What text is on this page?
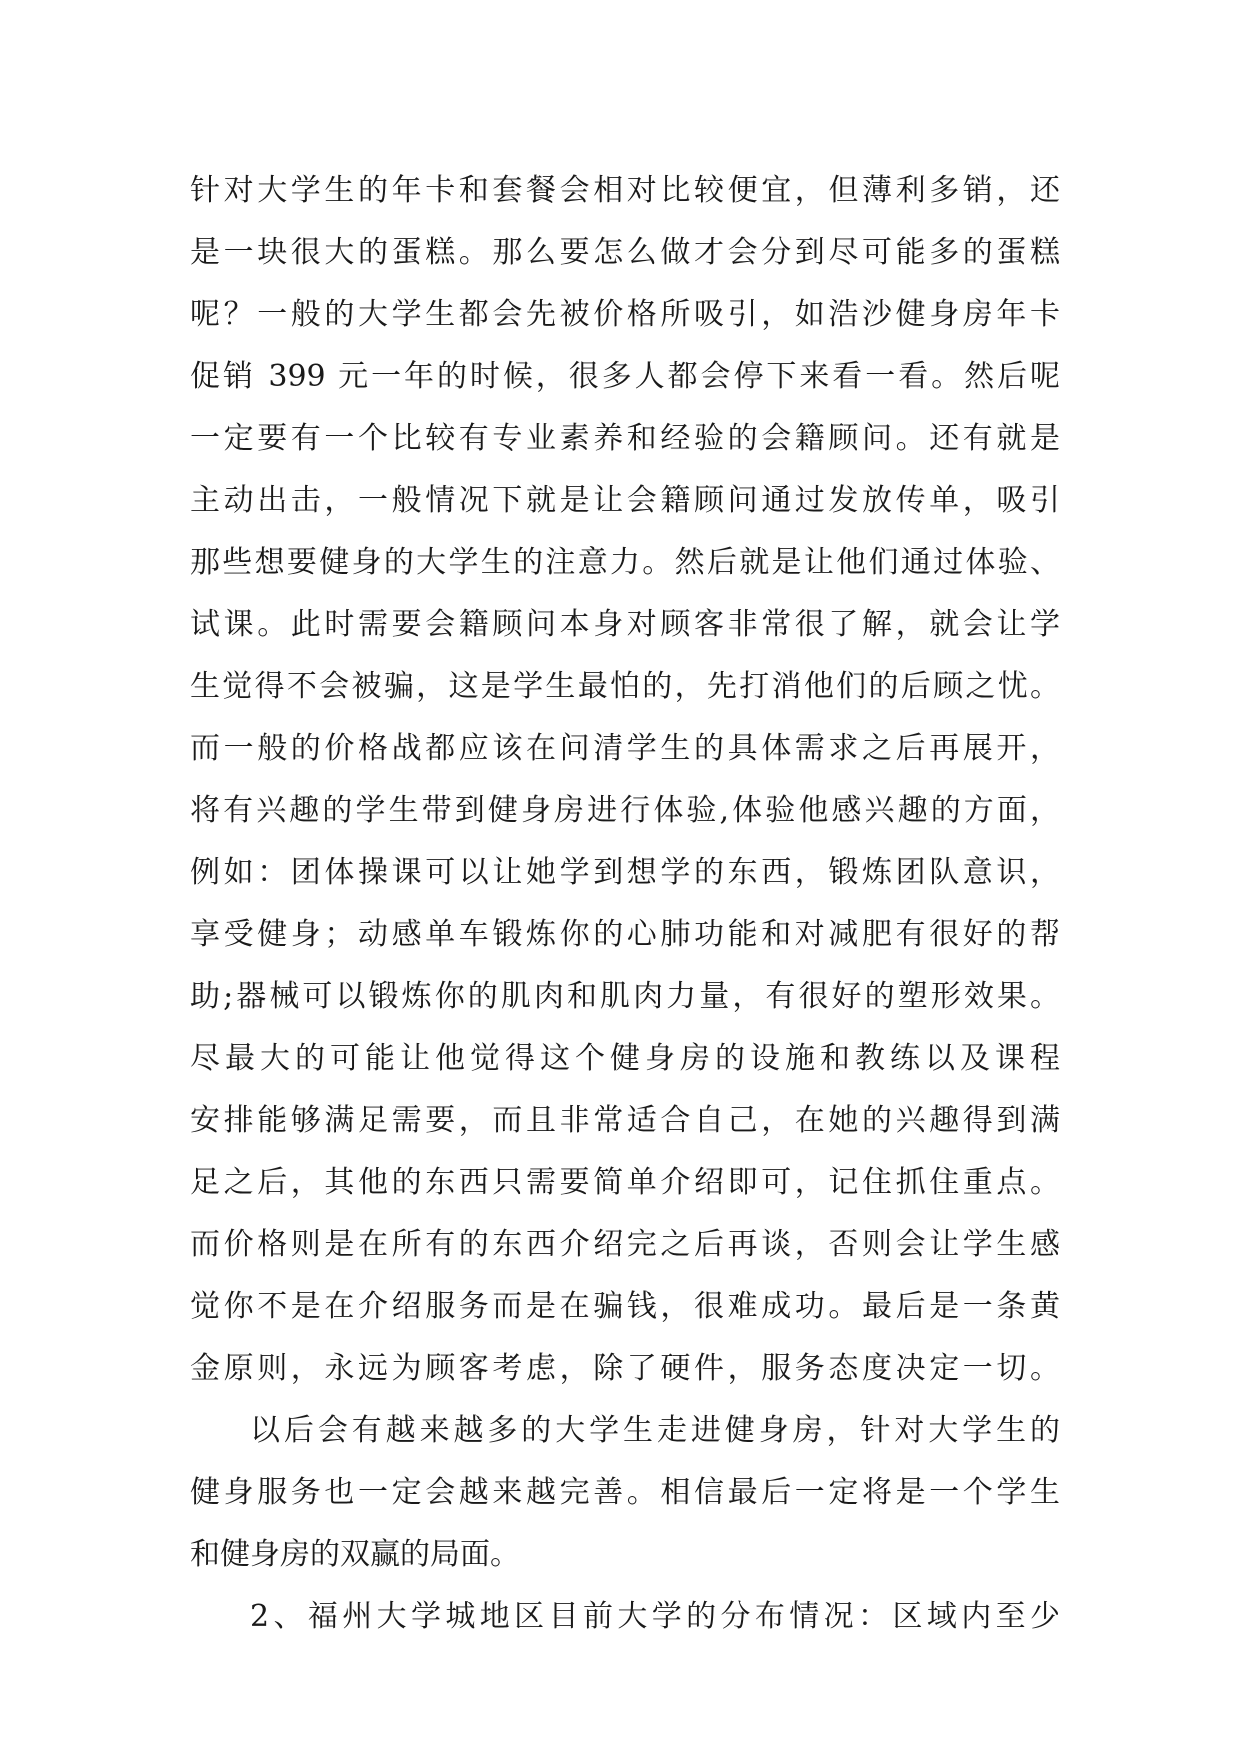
针对大学生的年卡和套餐会相对比较便宜，但薄利多销，还
是一块很大的蛋糕。那么要怎么做才会分到尽可能多的蛋糕
呢？一般的大学生都会先被价格所吸引，如浩沙健身房年卡
促销 399 元一年的时候，很多人都会停下来看一看。然后呢
一定要有一个比较有专业素养和经验的会籍顾问。还有就是
主动出击，一般情况下就是让会籍顾问通过发放传单，吸引
那些想要健身的大学生的注意力。然后就是让他们通过体验、
试课。此时需要会籍顾问本身对顾客非常很了解，就会让学
生觉得不会被骗，这是学生最怕的，先打消他们的后顾之忧。
而一般的价格战都应该在问清学生的具体需求之后再展开，
将有兴趣的学生带到健身房进行体验,体验他感兴趣的方面，
例如：团体操课可以让她学到想学的东西，锻炼团队意识，
享受健身；动感单车锻炼你的心肺功能和对减肥有很好的帮
助;器械可以锻炼你的肌肉和肌肉力量，有很好的塑形效果。
尽最大的可能让他觉得这个健身房的设施和教练以及课程
安排能够满足需要，而且非常适合自己，在她的兴趣得到满
足之后，其他的东西只需要简单介绍即可，记住抓住重点。
而价格则是在所有的东西介绍完之后再谈，否则会让学生感
觉你不是在介绍服务而是在骗钱，很难成功。最后是一条黄
金原则，永远为顾客考虑，除了硬件，服务态度决定一切。
以后会有越来越多的大学生走进健身房，针对大学生的
健身服务也一定会越来越完善。相信最后一定将是一个学生
和健身房的双赢的局面。
2、福州大学城地区目前大学的分布情况：区域内至少
